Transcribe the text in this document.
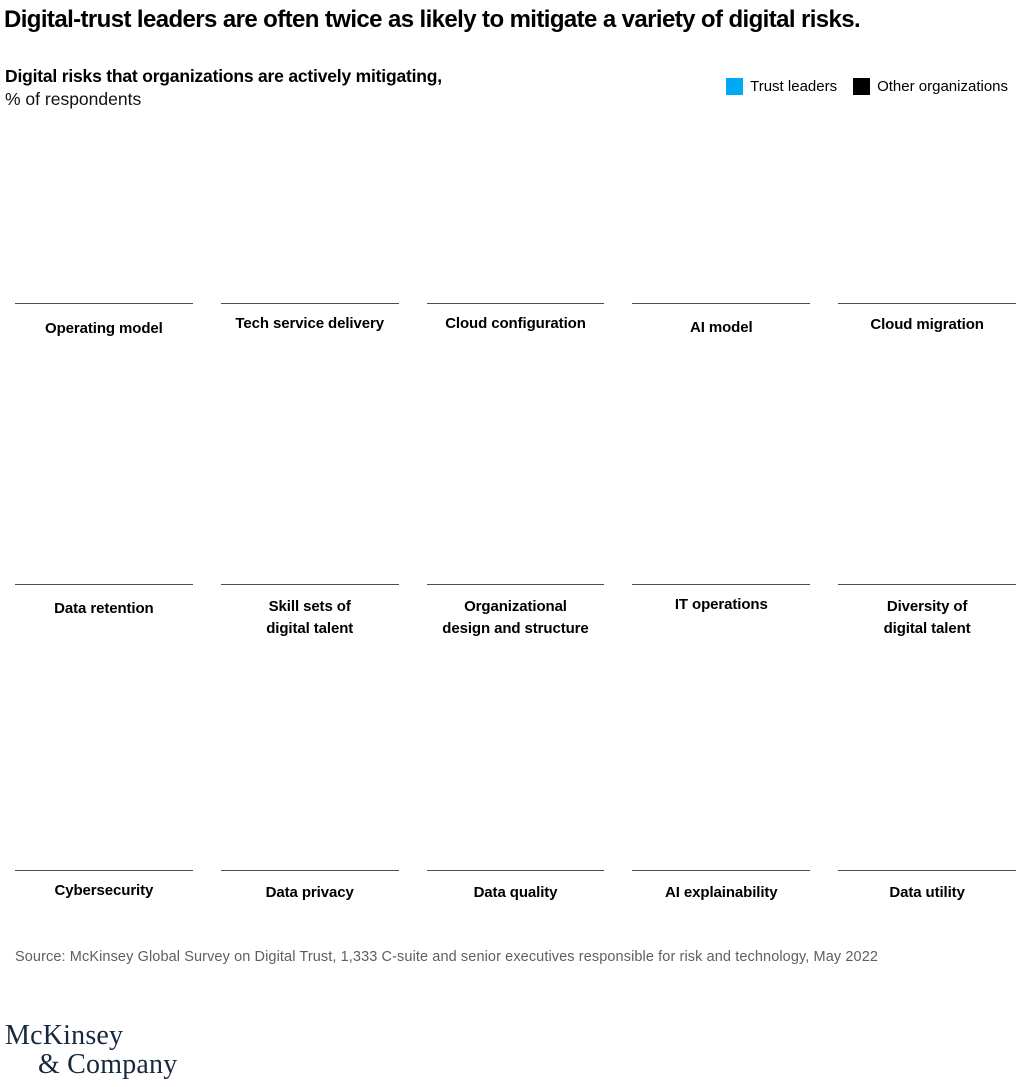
Digital-trust leaders are often twice as likely to mitigate a variety of digital risks.
Digital risks that organizations are actively mitigating,
% of respondents
Trust leaders	Other organizations
Operating model	Tech service delivery	Cloud configuration	AI model	Cloud migration
Data retention	Skill sets of
digital talent
Organizational
design and structure
IT operations	Diversity of
digital talent
Cybersecurity	Data privacy	Data quality	AI explainability	Data utility
Source: McKinsey Global Survey on Digital Trust, 1,333 C-suite and senior executives responsible for risk and technology, May 2022
McKinsey
& Company
